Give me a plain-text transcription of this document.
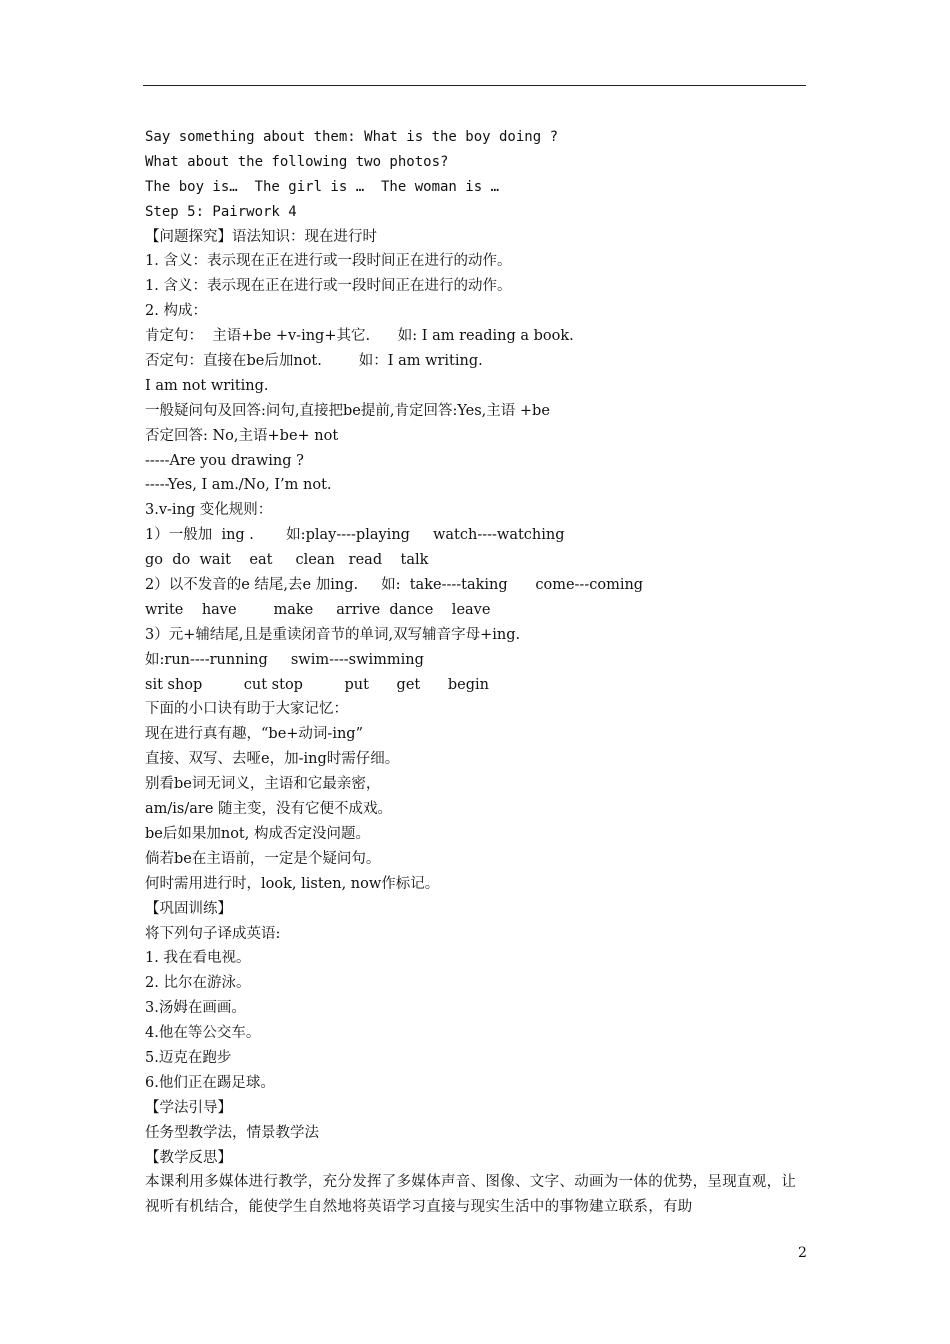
Say something about them: What is the boy doing ?
What about the following two photos?
The boy is…  The girl is …  The woman is …
Step 5: Pairwork 4
【问题探究】语法知识：现在进行时
1. 含义：表示现在正在进行或一段时间正在进行的动作。
1. 含义：表示现在正在进行或一段时间正在进行的动作。
2. 构成：
肯定句：  主语+be +v-ing+其它.      如: I am reading a book.
否定句：直接在be后加not.        如：I am writing.
I am not writing.
一般疑问句及回答:问句,直接把be提前,肯定回答:Yes,主语 +be
否定回答: No,主语+be+ not
-----Are you drawing ?
-----Yes, I am./No, I’m not.
3.v-ing 变化规则：
1）一般加  ing .       如:play----playing     watch----watching
go  do  wait    eat     clean   read    talk
2）以不发音的e 结尾,去e 加ing.     如:  take----taking      come---coming
write    have        make     arrive  dance    leave
3）元+辅结尾,且是重读闭音节的单词,双写辅音字母+ing.
如:run----running     swim----swimming
sit shop         cut stop         put      get      begin
下面的小口诀有助于大家记忆：
现在进行真有趣，“be+动词-ing”
直接、双写、去哑e，加-ing时需仔细。
别看be词无词义，主语和它最亲密，
am/is/are 随主变，没有它便不成戏。
be后如果加not, 构成否定没问题。
倘若be在主语前，一定是个疑问句。
何时需用进行时，look, listen, now作标记。
【巩固训练】
将下列句子译成英语:
1. 我在看电视。
2. 比尔在游泳。
3.汤姆在画画。
4.他在等公交车。
5.迈克在跑步
6.他们正在踢足球。
【学法引导】
任务型教学法，情景教学法
【教学反思】
本课利用多媒体进行教学，充分发挥了多媒体声音、图像、文字、动画为一体的优势，呈现直观，让视听有机结合，能使学生自然地将英语学习直接与现实生活中的事物建立联系，有助
2
